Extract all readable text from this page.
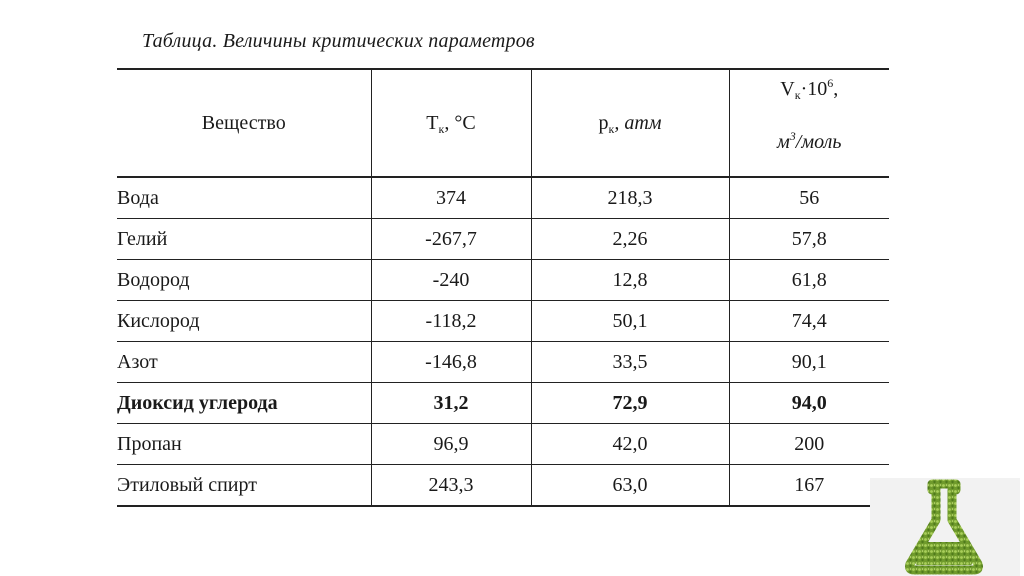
Таблица. Величины критических параметров
Вещество	$T_к$, °С	$p_к$, атм	$V_к\cdot 10^6$,
$м^3$/моль

Вода	374	218,3	56
Гелий	-267,7	2,26	57,8
Водород	-240	12,8	61,8
Кислород	-118,2	50,1	74,4
Азот	-146,8	33,5	90,1
Диоксид углерода	31,2	72,9	94,0
Пропан	96,9	42,0	200
Этиловый спирт	243,3	63,0	167
